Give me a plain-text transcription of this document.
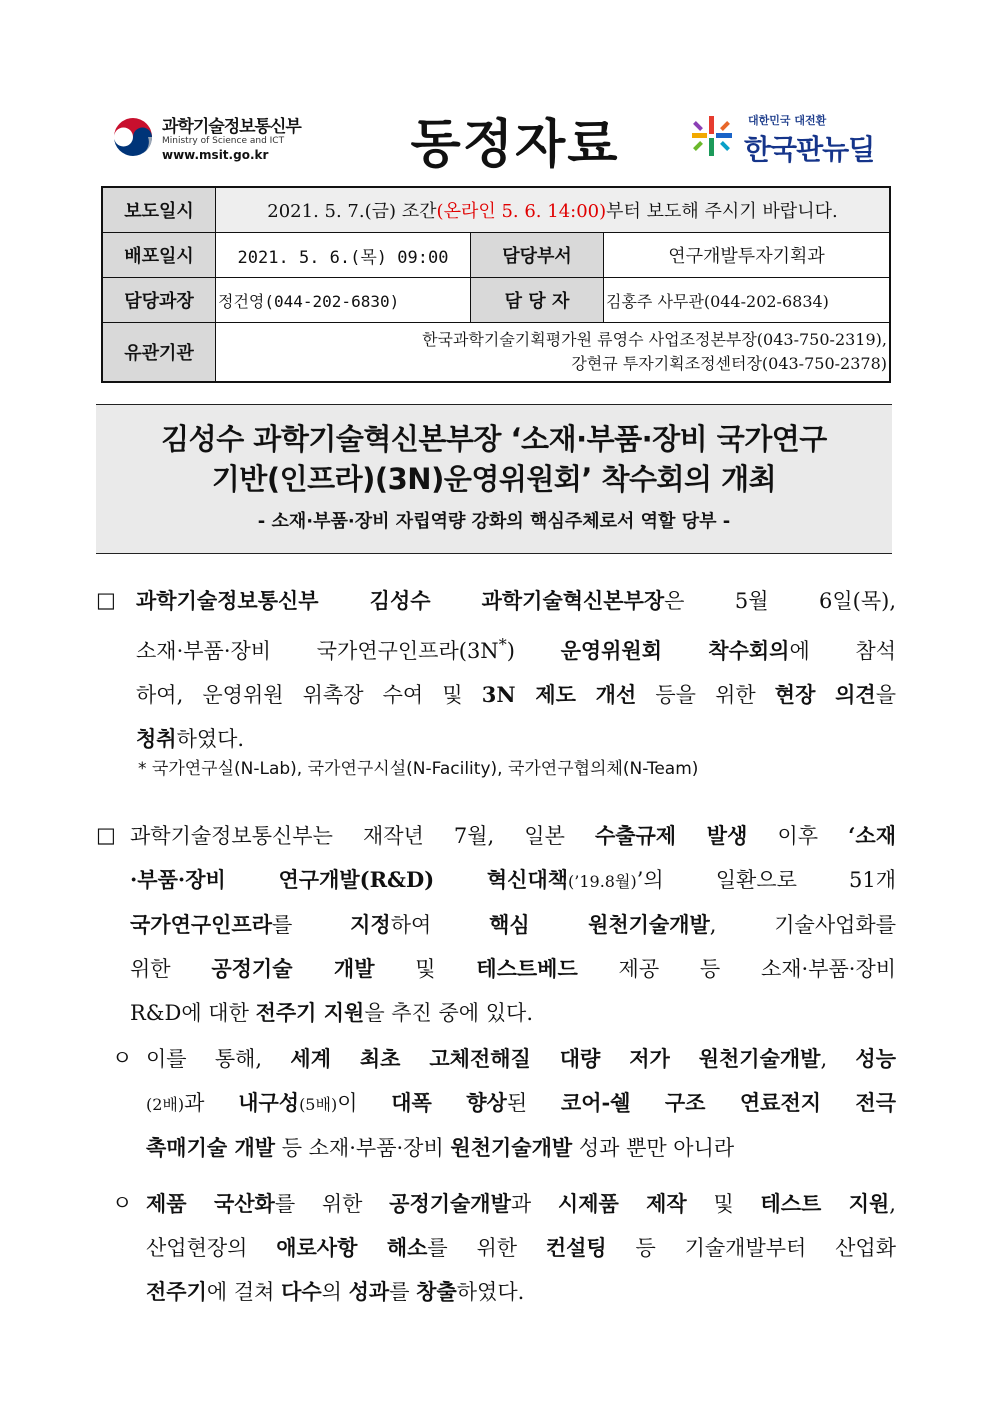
과학기술정보통신부
Ministry of Science and ICT
www.msit.go.kr	동정자료	대한민국 대전환
한국판뉴딜
보도일시	2021. 5. 7.(금) 조간(온라인 5. 6. 14:00)부터 보도해 주시기 바랍니다.		
배포일시	2021. 5. 6.(목) 09:00	담당부서	연구개발투자기획과
담당과장	정건영(044-202-6830)	담 당 자	김홍주 사무관(044-202-6834)
유관기관	한국과학기술기획평가원 류영수 사업조정본부장(043-750-2319),
강현규 투자기획조정센터장(043-750-2378)		
김성수 과학기술혁신본부장 ‘소재·부품·장비 국가연구
기반(인프라)(3N)운영위원회’ 착수회의 개최
- 소재·부품·장비 자립역량 강화의 핵심주체로서 역할 당부 -
□ 과학기술정보통신부 김성수 과학기술혁신본부장은 5월 6일(목),
소재·부품·장비 국가연구인프라(3N*) 운영위원회 착수회의에 참석
하여, 운영위원 위촉장 수여 및 3N 제도 개선 등을 위한 현장 의견을
청취하였다.
* 국가연구실(N-Lab), 국가연구시설(N-Facility), 국가연구협의체(N-Team)
□ 과학기술정보통신부는 재작년 7월, 일본 수출규제 발생 이후 ‘소재
·부품·장비 연구개발(R&D) 혁신대책(’19.8월)’의 일환으로 51개
국가연구인프라를 지정하여 핵심 원천기술개발, 기술사업화를
위한 공정기술 개발 및 테스트베드 제공 등 소재·부품·장비
R&D에 대한 전주기 지원을 추진 중에 있다.
ㅇ 이를 통해, 세계 최초 고체전해질 대량 저가 원천기술개발, 성능
(2배)과 내구성(5배)이 대폭 향상된 코어-쉘 구조 연료전지 전극
촉매기술 개발 등 소재·부품·장비 원천기술개발 성과 뿐만 아니라
ㅇ 제품 국산화를 위한 공정기술개발과 시제품 제작 및 테스트 지원,
산업현장의 애로사항 해소를 위한 컨설팅 등 기술개발부터 산업화
전주기에 걸쳐 다수의 성과를 창출하였다.
